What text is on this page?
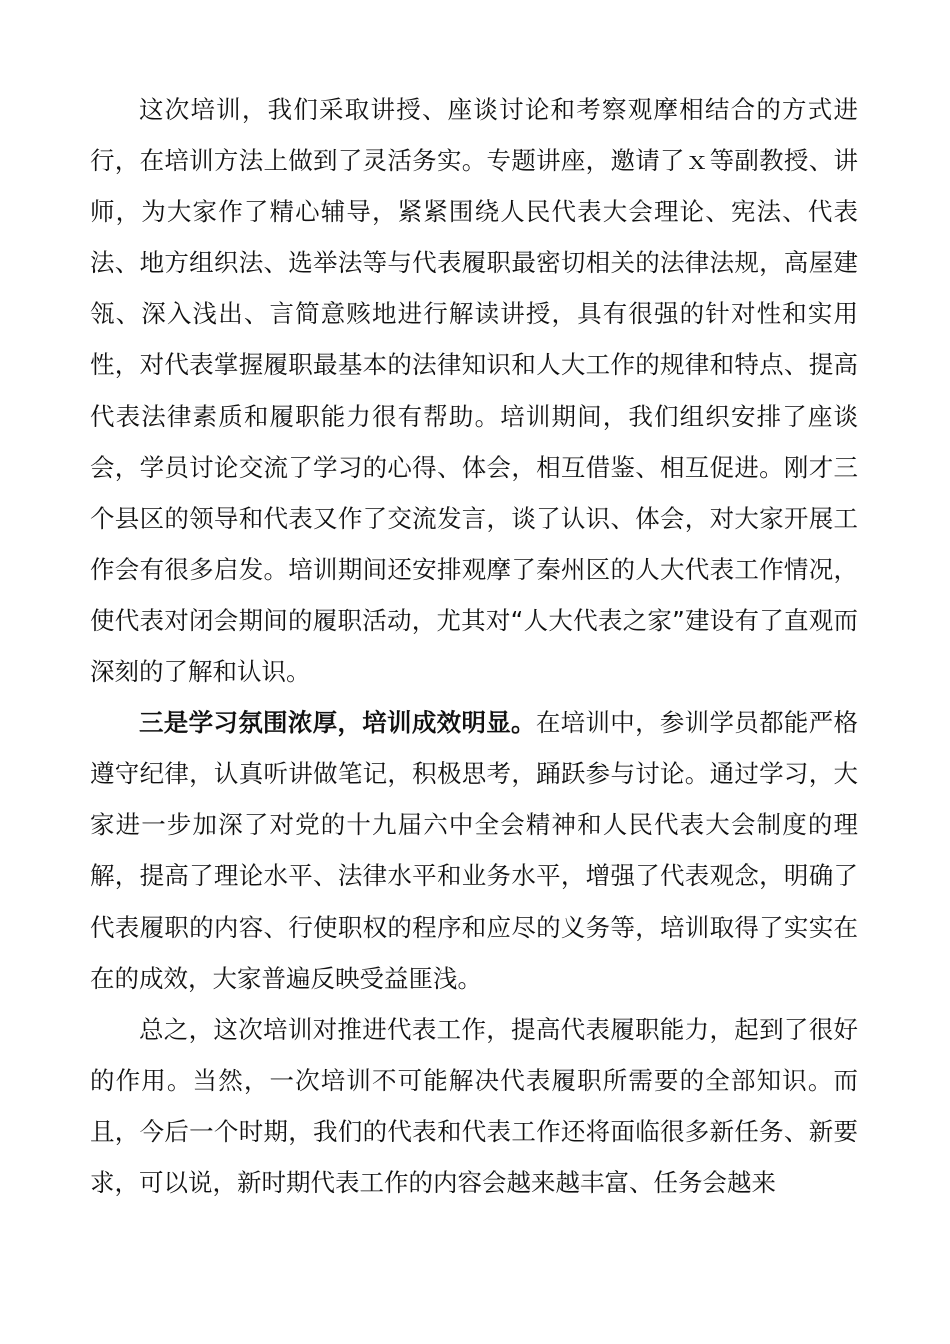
这次培训，我们采取讲授、座谈讨论和考察观摩相结合的方式进行，在培训方法上做到了灵活务实。专题讲座，邀请了ｘ等副教授、讲师，为大家作了精心辅导，紧紧围绕人民代表大会理论、宪法、代表法、地方组织法、选举法等与代表履职最密切相关的法律法规，高屋建瓴、深入浅出、言简意赅地进行解读讲授，具有很强的针对性和实用性，对代表掌握履职最基本的法律知识和人大工作的规律和特点、提高代表法律素质和履职能力很有帮助。培训期间，我们组织安排了座谈会，学员讨论交流了学习的心得、体会，相互借鉴、相互促进。刚才三个县区的领导和代表又作了交流发言，谈了认识、体会，对大家开展工作会有很多启发。培训期间还安排观摩了秦州区的人大代表工作情况，使代表对闭会期间的履职活动，尤其对“人大代表之家”建设有了直观而深刻的了解和认识。

三是学习氛围浓厚，培训成效明显。在培训中，参训学员都能严格遵守纪律，认真听讲做笔记，积极思考，踊跃参与讨论。通过学习，大家进一步加深了对党的十九届六中全会精神和人民代表大会制度的理解，提高了理论水平、法律水平和业务水平，增强了代表观念，明确了代表履职的内容、行使职权的程序和应尽的义务等，培训取得了实实在在的成效，大家普遍反映受益匪浅。

总之，这次培训对推进代表工作，提高代表履职能力，起到了很好的作用。当然，一次培训不可能解决代表履职所需要的全部知识。而且，今后一个时期，我们的代表和代表工作还将面临很多新任务、新要求，可以说，新时期代表工作的内容会越来越丰富、任务会越来
